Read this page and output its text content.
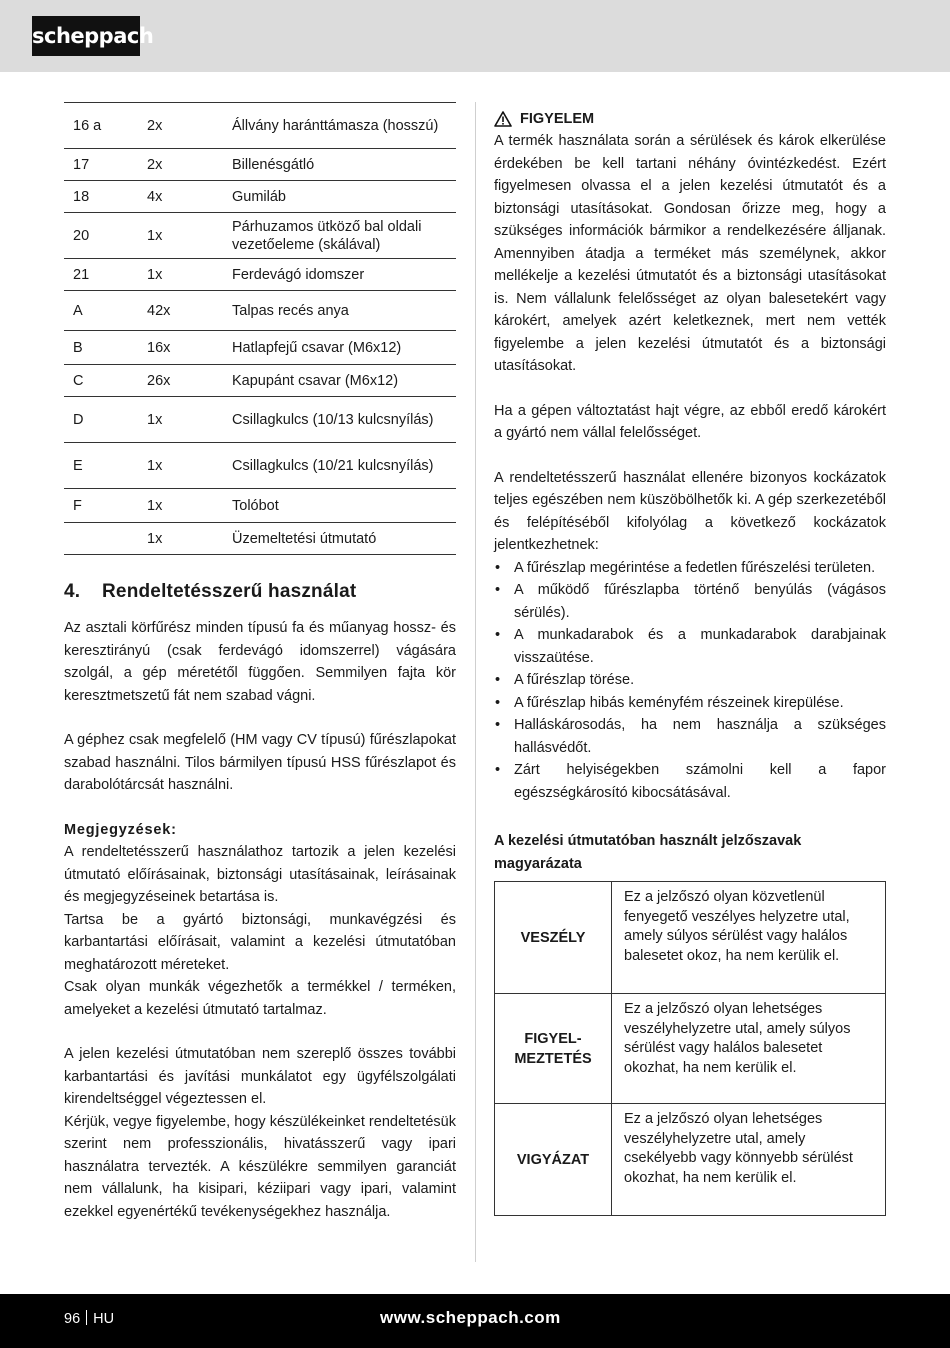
scheppach
16 a	2x	Állvány haránttámasza (hosszú)
17	2x	Billenésgátló
18	4x	Gumiláb
20	1x	Párhuzamos ütköző bal oldali vezetőeleme (skálával)
21	1x	Ferdevágó idomszer
A	42x	Talpas recés anya
B	16x	Hatlapfejű csavar (M6x12)
C	26x	Kapupánt csavar (M6x12)
D	1x	Csillagkulcs (10/13 kulcsnyílás)
E	1x	Csillagkulcs (10/21 kulcsnyílás)
F	1x	Tolóbot
	1x	Üzemeltetési útmutató
4.	Rendeltetésszerű használat

Az asztali körfűrész minden típusú fa és műanyag hossz- és keresztirányú (csak ferdevágó idomszerrel) vágására szolgál, a gép méretétől függően. Semmilyen fajta kör keresztmetszetű fát nem szabad vágni.

A géphez csak megfelelő (HM vagy CV típusú) fűrészlapokat szabad használni. Tilos bármilyen típusú HSS fűrészlapot és darabolótárcsát használni.

Megjegyzések:

A rendeltetésszerű használathoz tartozik a jelen kezelési útmutató előírásainak, biztonsági utasításainak, leírásainak és megjegyzéseinek betartása is.

Tartsa be a gyártó biztonsági, munkavégzési és karbantartási előírásait, valamint a kezelési útmutatóban meghatározott méreteket.

Csak olyan munkák végezhetők a termékkel / terméken, amelyeket a kezelési útmutató tartalmaz.

A jelen kezelési útmutatóban nem szereplő összes további karbantartási és javítási munkálatot egy ügyfélszolgálati kirendeltséggel végeztessen el.

Kérjük, vegye figyelembe, hogy készülékeinket rendeltetésük szerint nem professzionális, hivatásszerű vagy ipari használatra tervezték. A készülékre semmilyen garanciát nem vállalunk, ha kisipari, kéziipari vagy ipari, valamint ezekkel egyenértékű tevékenységekhez használja.

FIGYELEM

A termék használata során a sérülések és károk elkerülése érdekében be kell tartani néhány óvintézkedést. Ezért figyelmesen olvassa el a jelen kezelési útmutatót és a biztonsági utasításokat. Gondosan őrizze meg, hogy a szükséges információk bármikor a rendelkezésére álljanak. Amennyiben átadja a terméket más személynek, akkor mellékelje a kezelési útmutatót és a biztonsági utasításokat is. Nem vállalunk felelősséget az olyan balesetekért vagy károkért, amelyek azért keletkeznek, mert nem vették figyelembe a jelen kezelési útmutatót és a biztonsági utasításokat.

Ha a gépen változtatást hajt végre, az ebből eredő károkért a gyártó nem vállal felelősséget.

A rendeltetésszerű használat ellenére bizonyos kockázatok teljes egészében nem küszöbölhetők ki. A gép szerkezetéből és felépítéséből kifolyólag a következő kockázatok jelentkezhetnek:

• A fűrészlap megérintése a fedetlen fűrészelési területen.
• A működő fűrészlapba történő benyúlás (vágásos sérülés).
• A munkadarabok és a munkadarabok darabjainak visszaütése.
• A fűrészlap törése.
• A fűrészlap hibás keményfém részeinek kirepülése.
• Halláskárosodás, ha nem használja a szükséges hallásvédőt.
• Zárt helyiségekben számolni kell a fapor egészségkárosító kibocsátásával.
A kezelési útmutatóban használt jelzőszavak magyarázata
VESZÉLY	Ez a jelzőszó olyan közvetlenül fenyegető veszélyes helyzetre utal, amely súlyos sérülést vagy halálos balesetet okoz, ha nem kerülik el.
FIGYEL-
MEZTETÉS	Ez a jelzőszó olyan lehetséges veszélyhelyzetre utal, amely súlyos sérülést vagy halálos balesetet okozhat, ha nem kerülik el.
VIGYÁZAT	Ez a jelzőszó olyan lehetséges veszélyhelyzetre utal, amely csekélyebb vagy könnyebb sérülést okozhat, ha nem kerülik el.
96 HU	www.scheppach.com
